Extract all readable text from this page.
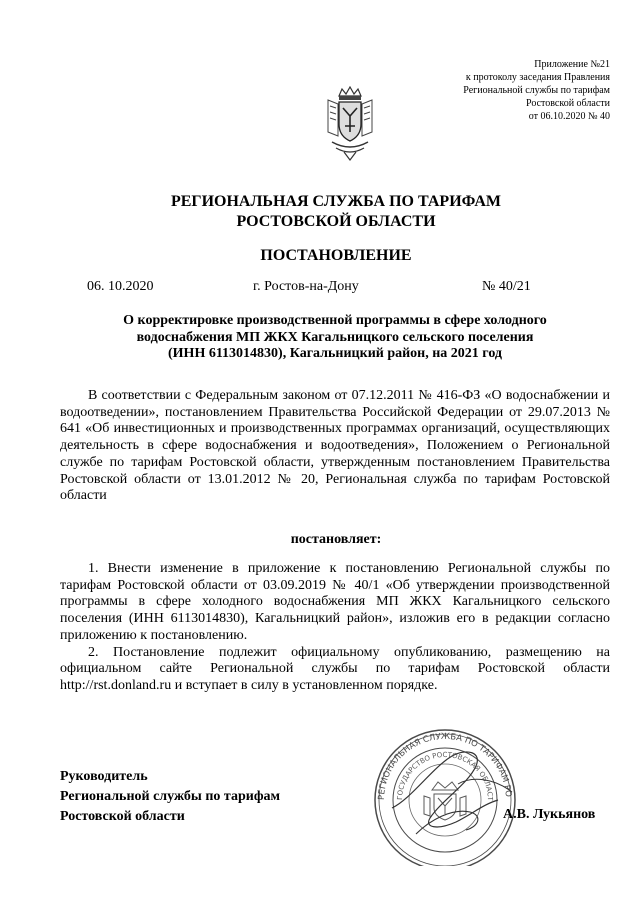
Приложение №21
к протоколу заседания Правления
Региональной службы по тарифам
Ростовской области
от 06.10.2020 № 40
РЕГИОНАЛЬНАЯ СЛУЖБА ПО ТАРИФАМ
РОСТОВСКОЙ ОБЛАСТИ
ПОСТАНОВЛЕНИЕ
06. 10.2020	г. Ростов-на-Дону	№ 40/21
О корректировке производственной программы в сфере холодного
водоснабжения МП ЖКХ Кагальницкого сельского поселения
(ИНН 6113014830), Кагальницкий район, на 2021 год
В соответствии с Федеральным законом от 07.12.2011 № 416-ФЗ «О водоснабжении и водоотведении», постановлением Правительства Российской Федерации от 29.07.2013 № 641 «Об инвестиционных и производственных программах организаций, осуществляющих деятельность в сфере водоснабжения и водоотведения», Положением о Региональной службе по тарифам Ростовской области, утвержденным постановлением Правительства Ростовской области от 13.01.2012 № 20, Региональная служба по тарифам Ростовской области
постановляет:

1. Внести изменение в приложение к постановлению Региональной службы по тарифам Ростовской области от 03.09.2019 № 40/1 «Об утверждении производственной программы в сфере холодного водоснабжения МП ЖКХ Кагальницкого сельского поселения (ИНН 6113014830), Кагальницкий район», изложив его в редакции согласно приложению к постановлению.

2. Постановление подлежит официальному опубликованию, размещению на официальном сайте Региональной службы по тарифам Ростовской области http://rst.donland.ru и вступает в силу в установленном порядке.

РЕГИОНАЛЬНАЯ СЛУЖБА ПО ТАРИФАМ РО
ГОСУДАРСТВО РОСТОВСКАЯ ОБЛАСТ
Руководитель
Региональной службы по тарифам
Ростовской области	А.В. Лукьянов
